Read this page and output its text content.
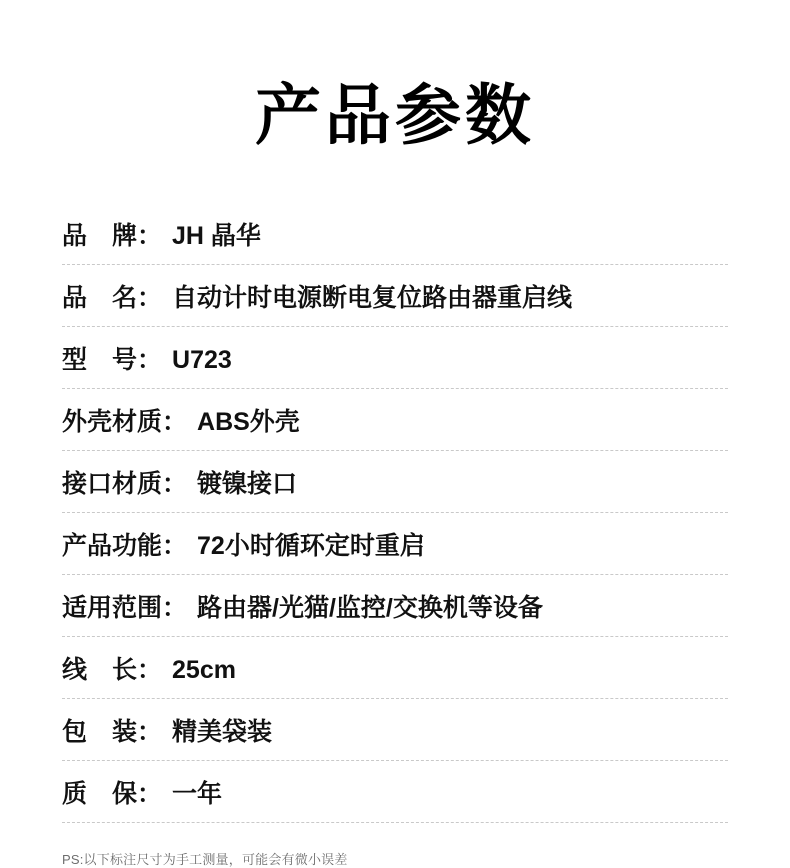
产品参数
品　牌： JH 晶华
品　名： 自动计时电源断电复位路由器重启线
型　号： U723
外壳材质： ABS外壳
接口材质： 镀镍接口
产品功能： 72小时循环定时重启
适用范围： 路由器/光猫/监控/交换机等设备
线　长： 25cm
包　装： 精美袋装
质　保： 一年
PS:以下标注尺寸为手工测量，可能会有微小误差
